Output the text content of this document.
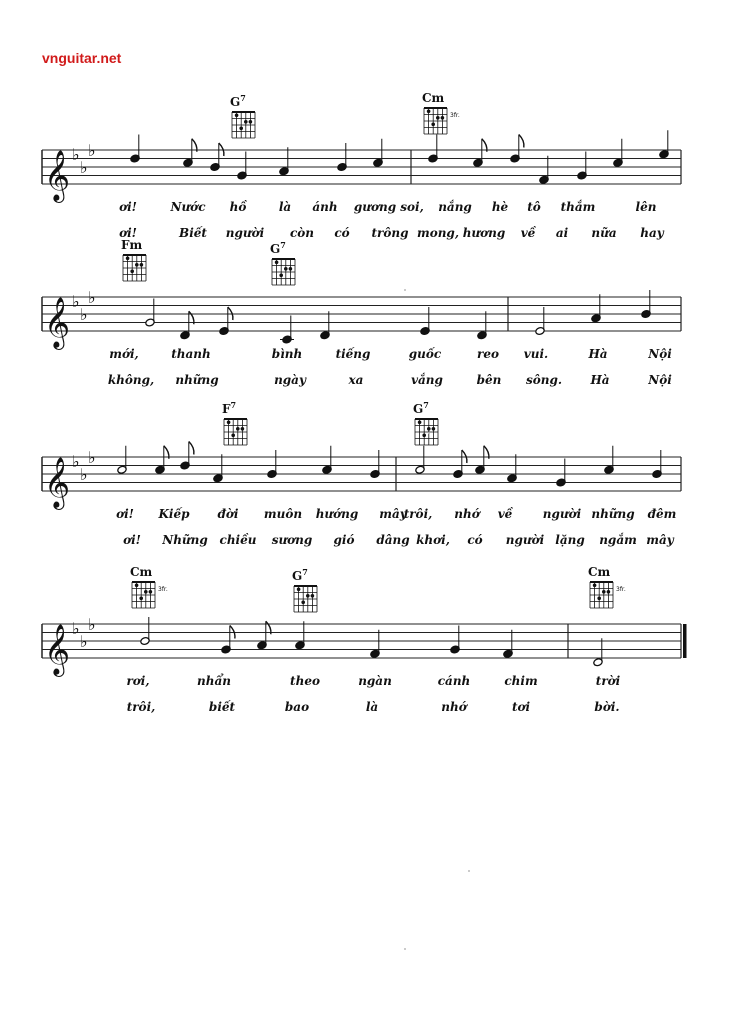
vnguitar.net
𝄞 ♭
♭
♭
$G^7$	Cm
3fr.
ơi!	Nước hồ	là ánh gương soi, nắng hè tô thắm	lên
ơi!	Biết người còn có trông mong, hương về ai nữa hay
𝄞 ♭
♭
♭
Fm	$G^7$
mới,	thanh	bình	tiếng	guốc	reo vui.	Hà	Nội
không, những	ngày	xa	vắng	bên sông. Hà	Nội
𝄞 ♭
♭
♭
$F^7$	$G^7$
ơi! Kiếp đời muôn hướng mây
trôi, nhớ về	người những đêm
ơi! Những chiều sương gió dâng khơi, có người lặng ngắm mây
𝄞 ♭
♭
♭
Cm
3fr.
$G^7$	Cm
3fr.
rơi,	nhẩn	theo	ngàn	cánh	chim	trời
trôi,	biết	bao	là	nhớ	tơi	bời.
